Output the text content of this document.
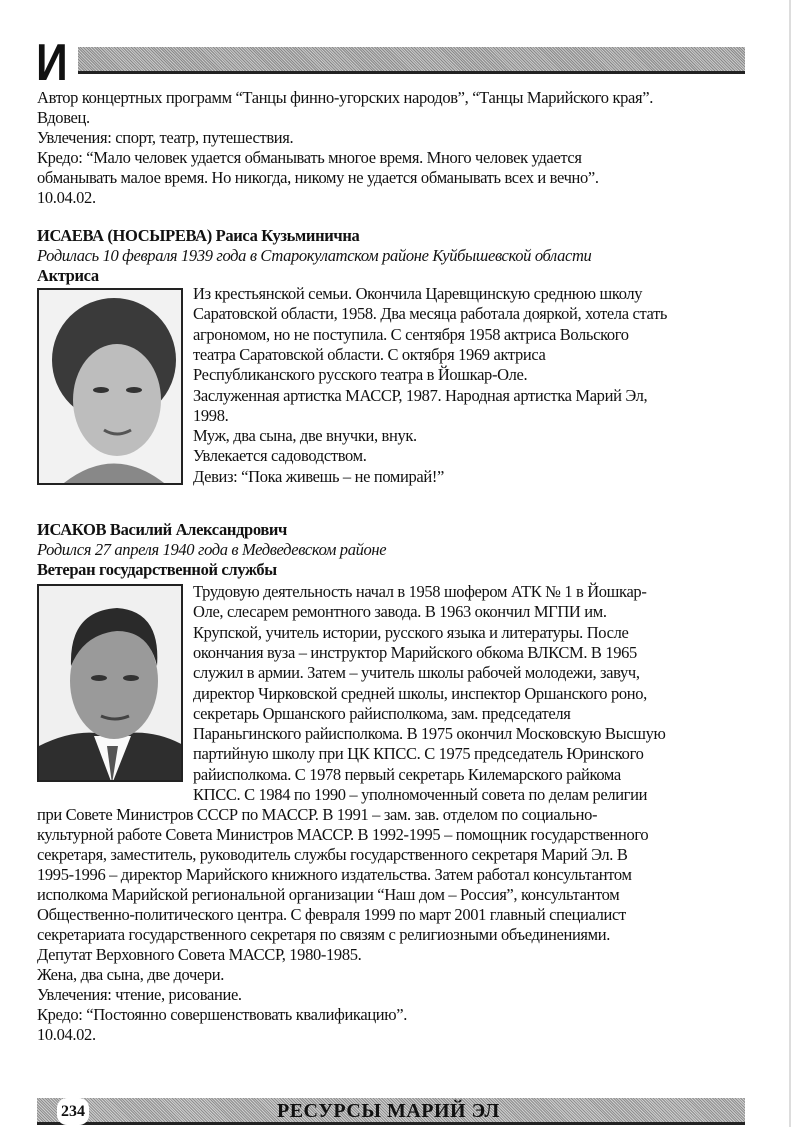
И
Автор концертных программ “Танцы финно-угорских народов”, “Танцы Марийского края”.
Вдовец.
Увлечения: спорт, театр, путешествия.
Кредо: “Мало человек удается обманывать многое время. Много человек удается
обманывать малое время. Но никогда, никому не удается обманывать всех и вечно”.
10.04.02.
ИСАЕВА (НОСЫРЕВА) Раиса Кузьминична
Родилась 10 февраля 1939 года в Старокулатском районе Куйбышевской области
Актриса
Из крестьянской семьи. Окончила Царевщинскую среднюю школу
Саратовской области, 1958. Два месяца работала дояркой, хотела стать
агрономом, но не поступила. С сентября 1958 актриса Вольского
театра Саратовской области. С октября 1969 актриса
Республиканского русского театра в Йошкар-Оле.
Заслуженная артистка МАССР, 1987. Народная артистка Марий Эл,
1998.
Муж, два сына, две внучки, внук.
Увлекается садоводством.
Девиз: “Пока живешь – не помирай!”
ИСАКОВ Василий Александрович
Родился 27 апреля 1940 года в Медведевском районе
Ветеран государственной службы
Трудовую деятельность начал в 1958 шофером АТК № 1 в Йошкар-
Оле, слесарем ремонтного завода. В 1963 окончил МГПИ им.
Крупской, учитель истории, русского языка и литературы. После
окончания вуза – инструктор Марийского обкома ВЛКСМ. В 1965
служил в армии. Затем – учитель школы рабочей молодежи, завуч,
директор Чирковской средней школы, инспектор Оршанского роно,
секретарь Оршанского райисполкома, зам. председателя
Параньгинского райисполкома. В 1975 окончил Московскую Высшую
партийную школу при ЦК КПСС. С 1975 председатель Юринского
райисполкома. С 1978 первый секретарь Килемарского райкома
КПСС. С 1984 по 1990 – уполномоченный совета по делам религии
при Совете Министров СССР по МАССР. В 1991 – зам. зав. отделом по социально-
культурной работе Совета Министров МАССР. В 1992-1995 – помощник государственного
секретаря, заместитель, руководитель службы государственного секретаря Марий Эл. В
1995-1996 – директор Марийского книжного издательства. Затем работал консультантом
исполкома Марийской региональной организации “Наш дом – Россия”, консультантом
Общественно-политического центра. С февраля 1999 по март 2001 главный специалист
секретариата государственного секретаря по связям с религиозными объединениями.
Депутат Верховного Совета МАССР, 1980-1985.
Жена, два сына, две дочери.
Увлечения: чтение, рисование.
Кредо: “Постоянно совершенствовать квалификацию”.
10.04.02.
234	РЕСУРСЫ МАРИЙ ЭЛ
